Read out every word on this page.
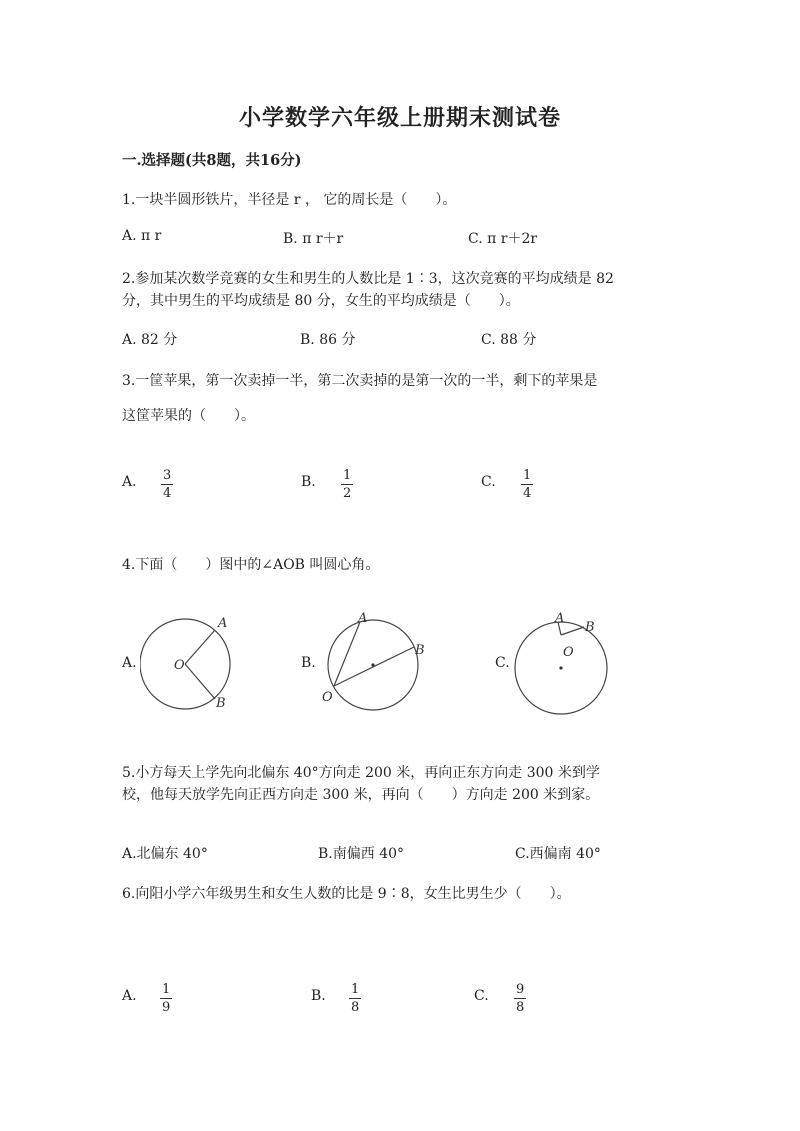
小学数学六年级上册期末测试卷
一.选择题(共8题，共16分)
1.一块半圆形铁片，半径是 r ， 它的周长是（　　）。
A. π r	B. π r＋r	C. π r＋2r
2.参加某次数学竞赛的女生和男生的人数比是 1∶3，这次竞赛的平均成绩是 82
分，其中男生的平均成绩是 80 分，女生的平均成绩是（　　）。
A. 82 分	B. 86 分	C. 88 分
3.一筐苹果，第一次卖掉一半，第二次卖掉的是第一次的一半，剩下的苹果是
这筐苹果的（　　）。
A. 3
4
B. 1
2
C. 1
4
4.下面（　　）图中的∠AOB 叫圆心角。
A.
A
B
O	B.
A
B
O
C.
A
B
O
5.小方每天上学先向北偏东 40°方向走 200 米，再向正东方向走 300 米到学
校，他每天放学先向正西方向走 300 米，再向（　　）方向走 200 米到家。
A.北偏东 40°	B.南偏西 40°	C.西偏南 40°
6.向阳小学六年级男生和女生人数的比是 9∶8，女生比男生少（　　）。
A. 1
9
B. 1
8
C. 9
8
